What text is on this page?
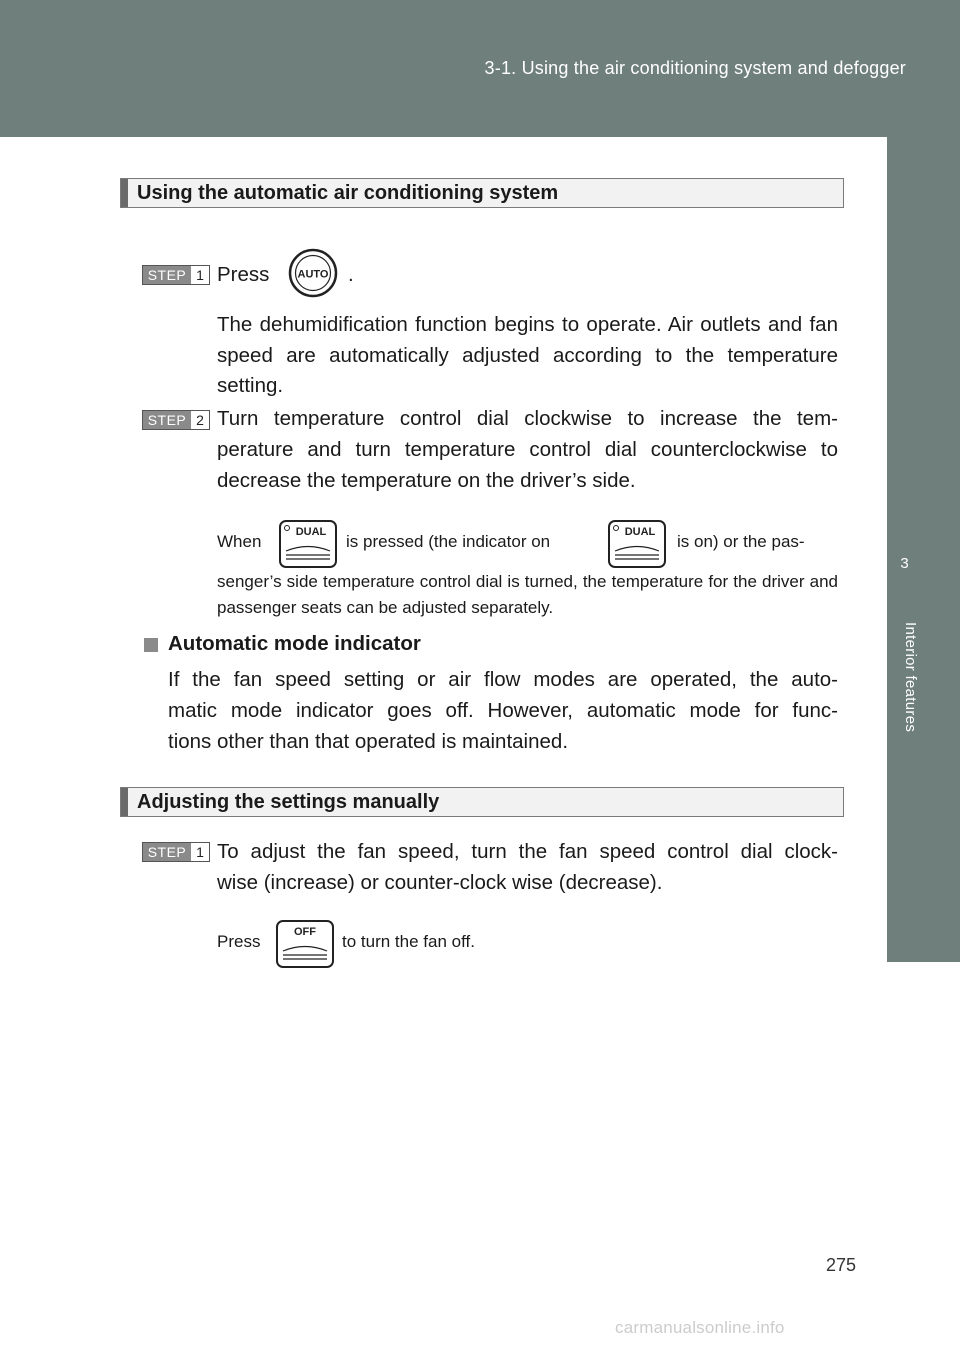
3-1. Using the air conditioning system and defogger
3
Interior features
Using the automatic air conditioning system
STEP 1 Press	AUTO .
The dehumidification function begins to operate. Air outlets and fan speed are automatically adjusted according to the temperature setting.
STEP 2 Turn temperature control dial clockwise to increase the tem-
perature and turn temperature control dial counterclockwise to
decrease the temperature on the driver’s side.
When	DUAL is pressed (the indicator on	DUAL is on) or the pas-
senger’s side temperature control dial is turned, the temperature for the driver and passenger seats can be adjusted separately.
Automatic mode indicator
If the fan speed setting or air flow modes are operated, the auto-
matic mode indicator goes off. However, automatic mode for func-
tions other than that operated is maintained.
Adjusting the settings manually
STEP 1 To adjust the fan speed, turn the fan speed control dial clock-
wise (increase) or counter-clock wise (decrease).
Press	OFF to turn the fan off.
275
carmanualsonline.info
